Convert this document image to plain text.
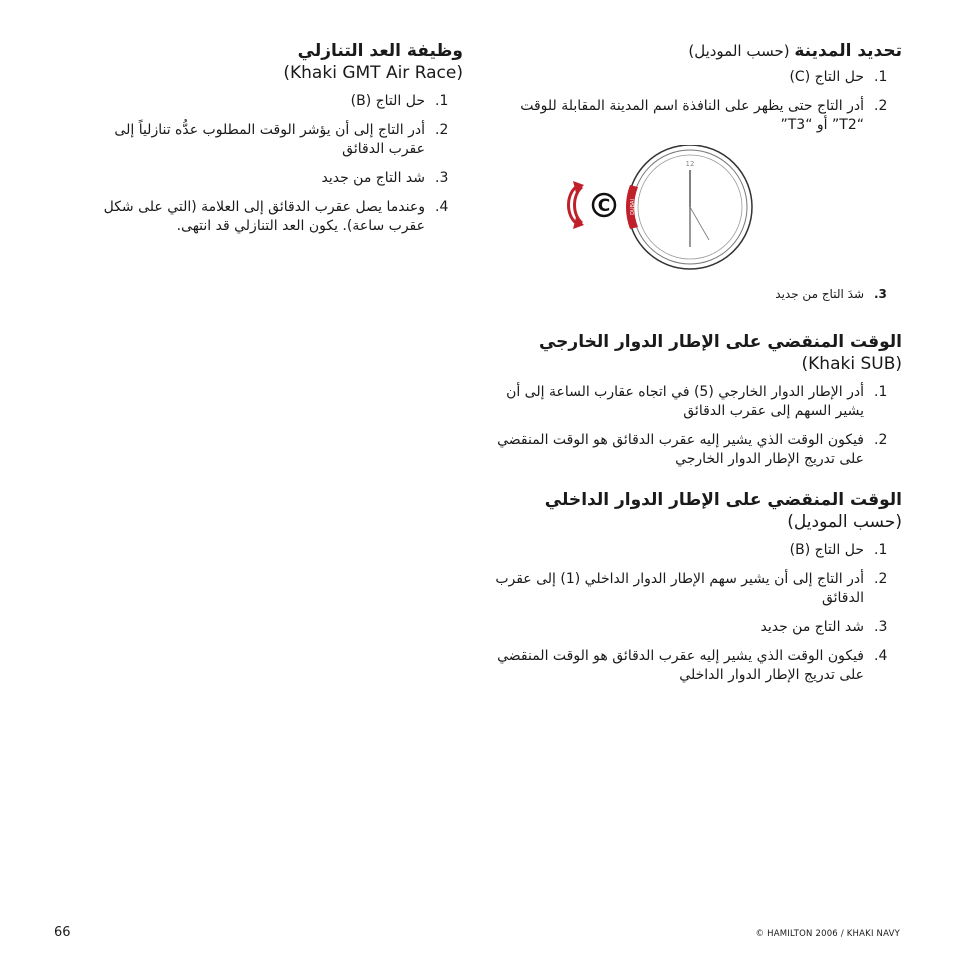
وظيفة العد التنازلي

(Khaki GMT Air Race)

.1
حل التاج (B)
.2
أدر التاج إلى أن يؤشر الوقت المطلوب عدُّه تنازلياً إلى عقرب الدقائق
.3
شد التاج من جديد
.4
وعندما يصل عقرب الدقائق إلى العلامة (التي على شكل عقرب ساعة). يكون العد التنازلي قد انتهى.
تحديد المدينة (حسب الموديل)
.1
حل التاج (C)
.2
أدر التاج حتى يظهر على النافذة اسم المدينة المقابلة للوقت “T2” أو “T3”
C	DUBAI
12
.3
شدَ التاج من جديد
الوقت المنقضي على الإطار الدوار الخارجي

(Khaki SUB)

.1
أدر الإطار الدوار الخارجي (5) في اتجاه عقارب الساعة إلى أن يشير السهم إلى عقرب الدقائق
.2
فيكون الوقت الذي يشير إليه عقرب الدقائق هو الوقت المنقضي على تدريج الإطار الدوار الخارجي
الوقت المنقضي على الإطار الدوار الداخلي

(حسب الموديل)

.1
حل التاج (B)
.2
أدر التاج إلى أن يشير سهم الإطار الدوار الداخلي (1) إلى عقرب الدقائق
.3
شد التاج من جديد
.4
فيكون الوقت الذي يشير إليه عقرب الدقائق هو الوقت المنقضي على تدريج الإطار الدوار الداخلي
66	© HAMILTON 2006 / KHAKI NAVY
